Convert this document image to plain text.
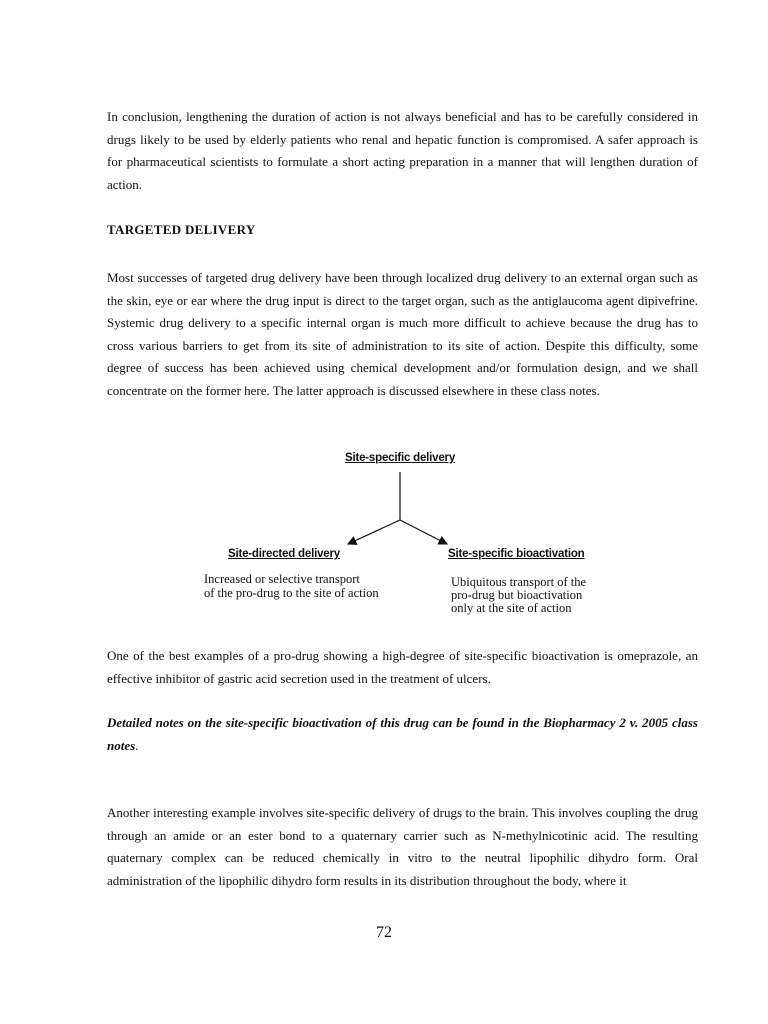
In conclusion, lengthening the duration of action is not always beneficial and has to be carefully considered in drugs likely to be used by elderly patients who renal and hepatic function is compromised. A safer approach is for pharmaceutical scientists to formulate a short acting preparation in a manner that will lengthen duration of action.

TARGETED DELIVERY

Most successes of targeted drug delivery have been through localized drug delivery to an external organ such as the skin, eye or ear where the drug input is direct to the target organ, such as the antiglaucoma agent dipivefrine. Systemic drug delivery to a specific internal organ is much more difficult to achieve because the drug has to cross various barriers to get from its site of administration to its site of action. Despite this difficulty, some degree of success has been achieved using chemical development and/or formulation design, and we shall concentrate on the former here. The latter approach is discussed elsewhere in these class notes.

Site-specific delivery
Site-directed delivery
Increased or selective transport
of the pro-drug to the site of action
Site-specific bioactivation
Ubiquitous transport of the
pro-drug but bioactivation
only at the site of action

One of the best examples of a pro-drug showing a high-degree of site-specific bioactivation is omeprazole, an effective inhibitor of gastric acid secretion used in the treatment of ulcers.

Detailed notes on the site-specific bioactivation of this drug can be found in the Biopharmacy 2 v. 2005 class notes.

Another interesting example involves site-specific delivery of drugs to the brain. This involves coupling the drug through an amide or an ester bond to a quaternary carrier such as N-methylnicotinic acid. The resulting quaternary complex can be reduced chemically in vitro to the neutral lipophilic dihydro form. Oral administration of the lipophilic dihydro form results in its distribution throughout the body, where it

72
